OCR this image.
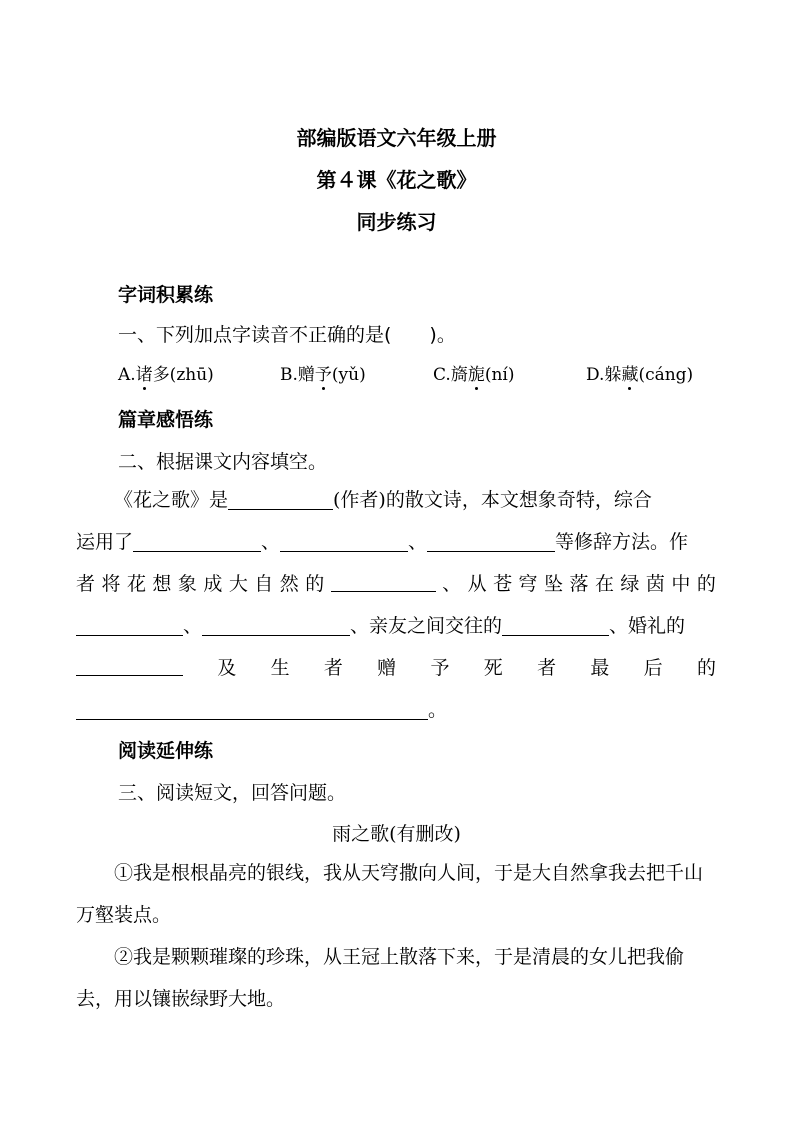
部编版语文六年级上册
第４课《花之歌》
同步练习
字词积累练
一、下列加点字读音不正确的是(　　)。
A.诸多(zhū)	B.赠予(yǔ)	C.旖旎(ní)	D.躲藏(cáng)
篇章感悟练
二、根据课文内容填空。
《花之歌》是	(作者)的散文诗，本文想象奇特，综合
运用了	、	、	等修辞方法。作
者 将 花 想 象 成 大 自 然 的	、 从 苍 穹 坠 落 在 绿 茵 中 的
、	、亲友之间交往的	、婚礼的
及 生 者 赠 予 死 者 最 后 的
。
阅读延伸练
三、阅读短文，回答问题。
雨之歌(有删改)
①我是根根晶亮的银线，我从天穹撒向人间，于是大自然拿我去把千山万壑装点。
②我是颗颗璀璨的珍珠，从王冠上散落下来，于是清晨的女儿把我偷去，用以镶嵌绿野大地。
